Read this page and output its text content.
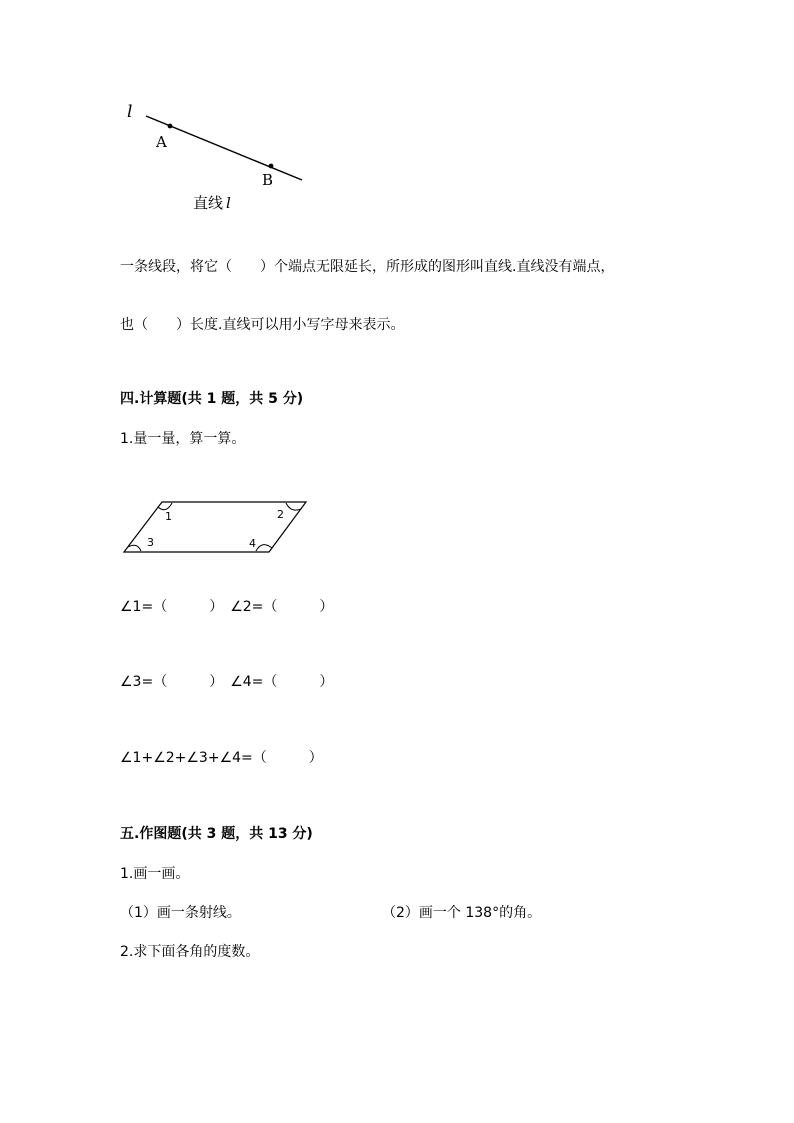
l
A
B
直线 l
一条线段，将它（　　）个端点无限延长，所形成的图形叫直线.直线没有端点，
也（　　）长度.直线可以用小写字母来表示。
四.计算题(共 1 题，共 5 分)
1.量一量，算一算。
1	2
3	4
∠1=（　　　）　∠2=（　　　）
∠3=（　　　）　∠4=（　　　）
∠1+∠2+∠3+∠4=（　　　）
五.作图题(共 3 题，共 13 分)
1.画一画。
（1）画一条射线。	（2）画一个 138°的角。
2.求下面各角的度数。
